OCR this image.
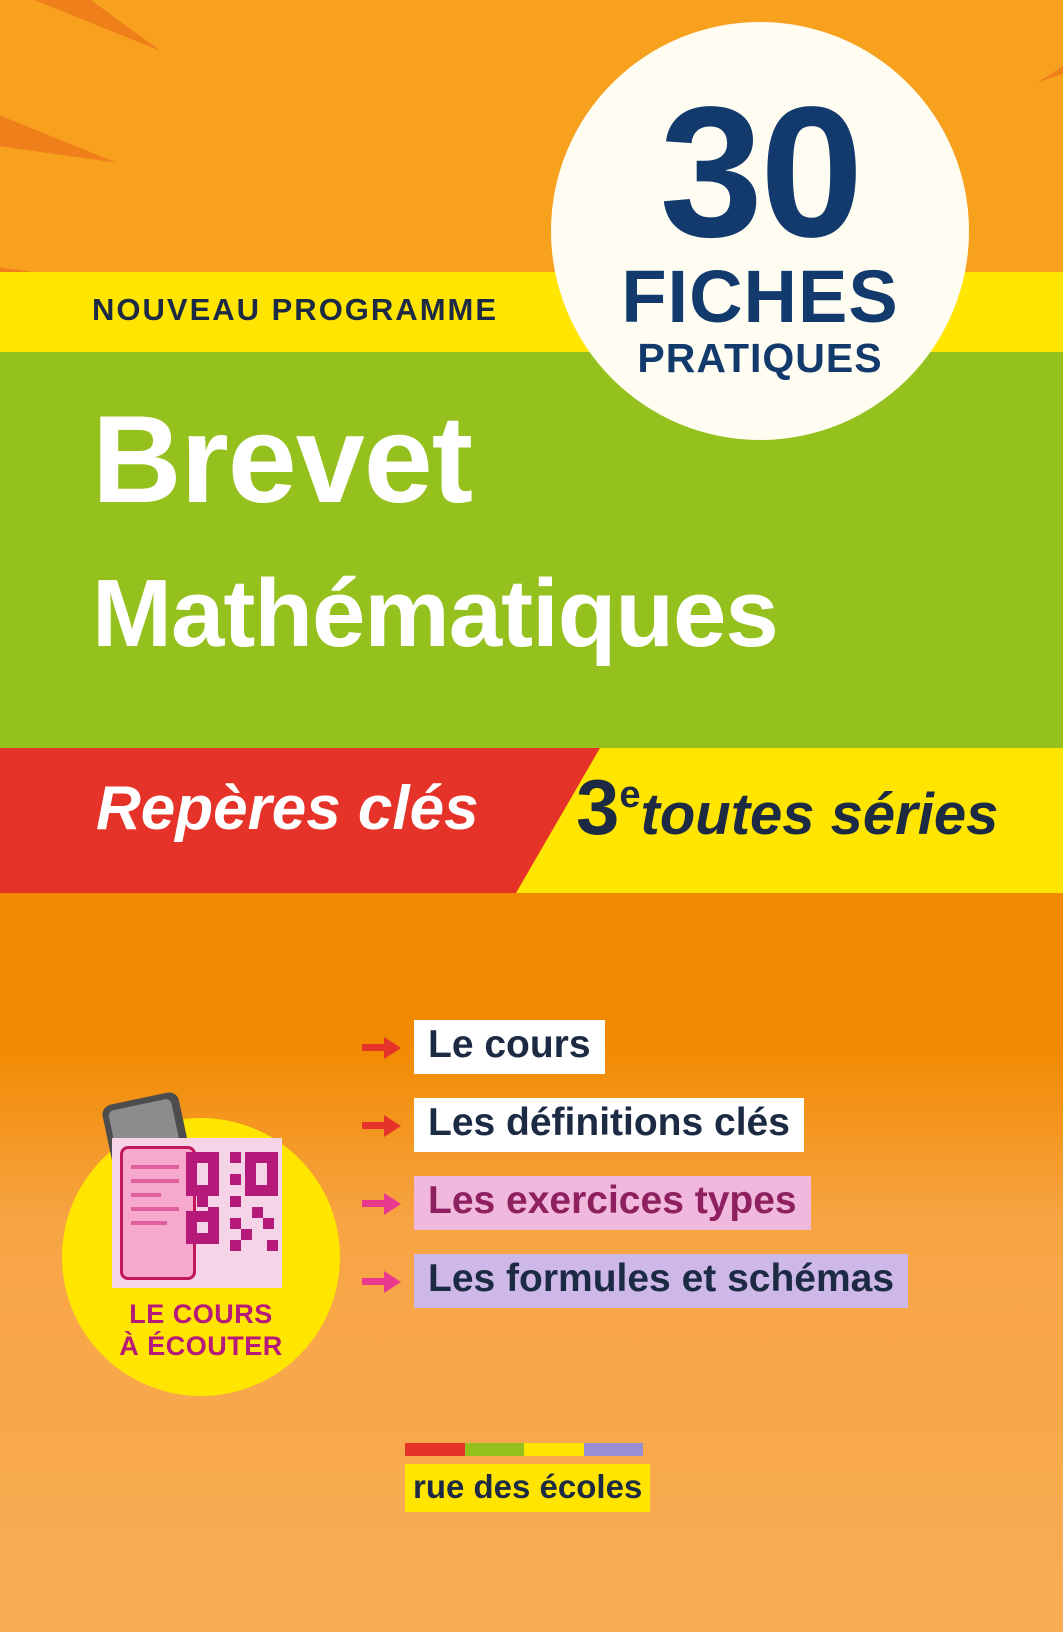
NOUVEAU PROGRAMME
Brevet
Mathématiques
30
FICHES
PRATIQUES
Repères clés 3etoutes séries
Le cours
Les définitions clés
Les exercices types
Les formules et schémas
LE COURS
À ÉCOUTER
rue des écoles
